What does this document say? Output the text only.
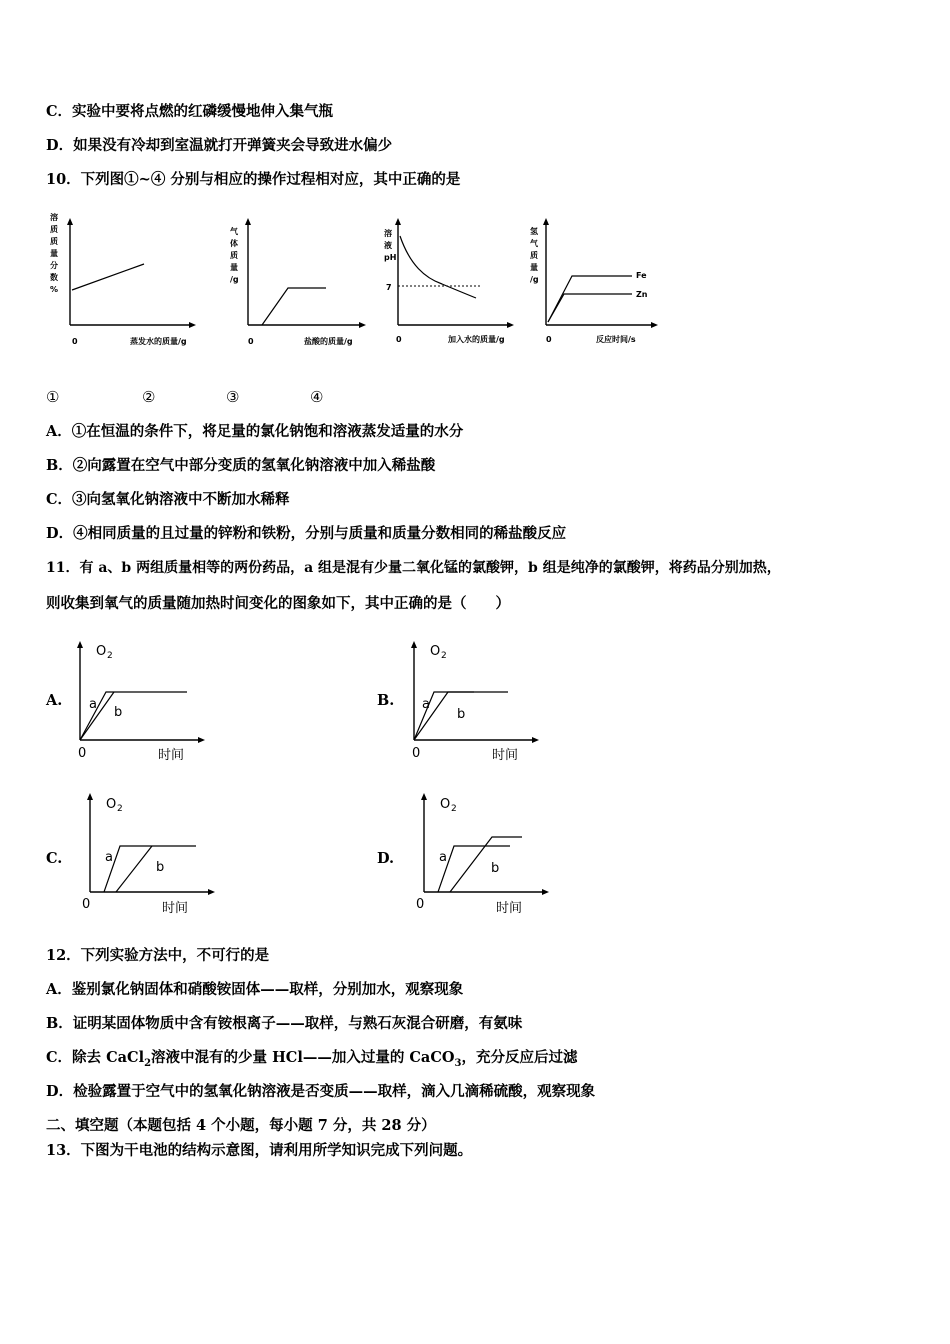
C．实验中要将点燃的红磷缓慢地伸入集气瓶
D．如果没有冷却到室温就打开弹簧夹会导致进水偏少
10．下列图①~④ 分别与相应的操作过程相对应，其中正确的是
溶
质
质
量
分
数
%
0	蒸发水的质量/g
气
体
质
量
/g
0	盐酸的质量/g
溶
液
pH
7
0	加入水的质量/g
氢
气
质
量
/g	Fe
Zn
0	反应时间/s
①	②	③	④
A．①在恒温的条件下，将足量的氯化钠饱和溶液蒸发适量的水分
B．②向露置在空气中部分变质的氢氧化钠溶液中加入稀盐酸
C．③向氢氧化钠溶液中不断加水稀释
D．④相同质量的且过量的锌粉和铁粉，分别与质量和质量分数相同的稀盐酸反应
11．有 a、b 两组质量相等的两份药品，a 组是混有少量二氧化锰的氯酸钾，b 组是纯净的氯酸钾，将药品分别加热，
则收集到氧气的质量随加热时间变化的图象如下，其中正确的是（　　）
A.
O 2
a
b
0	时间
B.
O 2
a
b
0	时间
C.
O 2
a
b
0	时间
D.
O 2
a
b
0	时间
12．下列实验方法中，不可行的是
A．鉴别氯化钠固体和硝酸铵固体——取样，分别加水，观察现象
B．证明某固体物质中含有铵根离子——取样，与熟石灰混合研磨，有氨味
C．除去 CaCl$_2$溶液中混有的少量 HCl——加入过量的 CaCO$_3$，充分反应后过滤
D．检验露置于空气中的氢氧化钠溶液是否变质——取样，滴入几滴稀硫酸，观察现象
二、填空题（本题包括 4 个小题，每小题 7 分，共 28 分）
13．下图为干电池的结构示意图，请利用所学知识完成下列问题。
